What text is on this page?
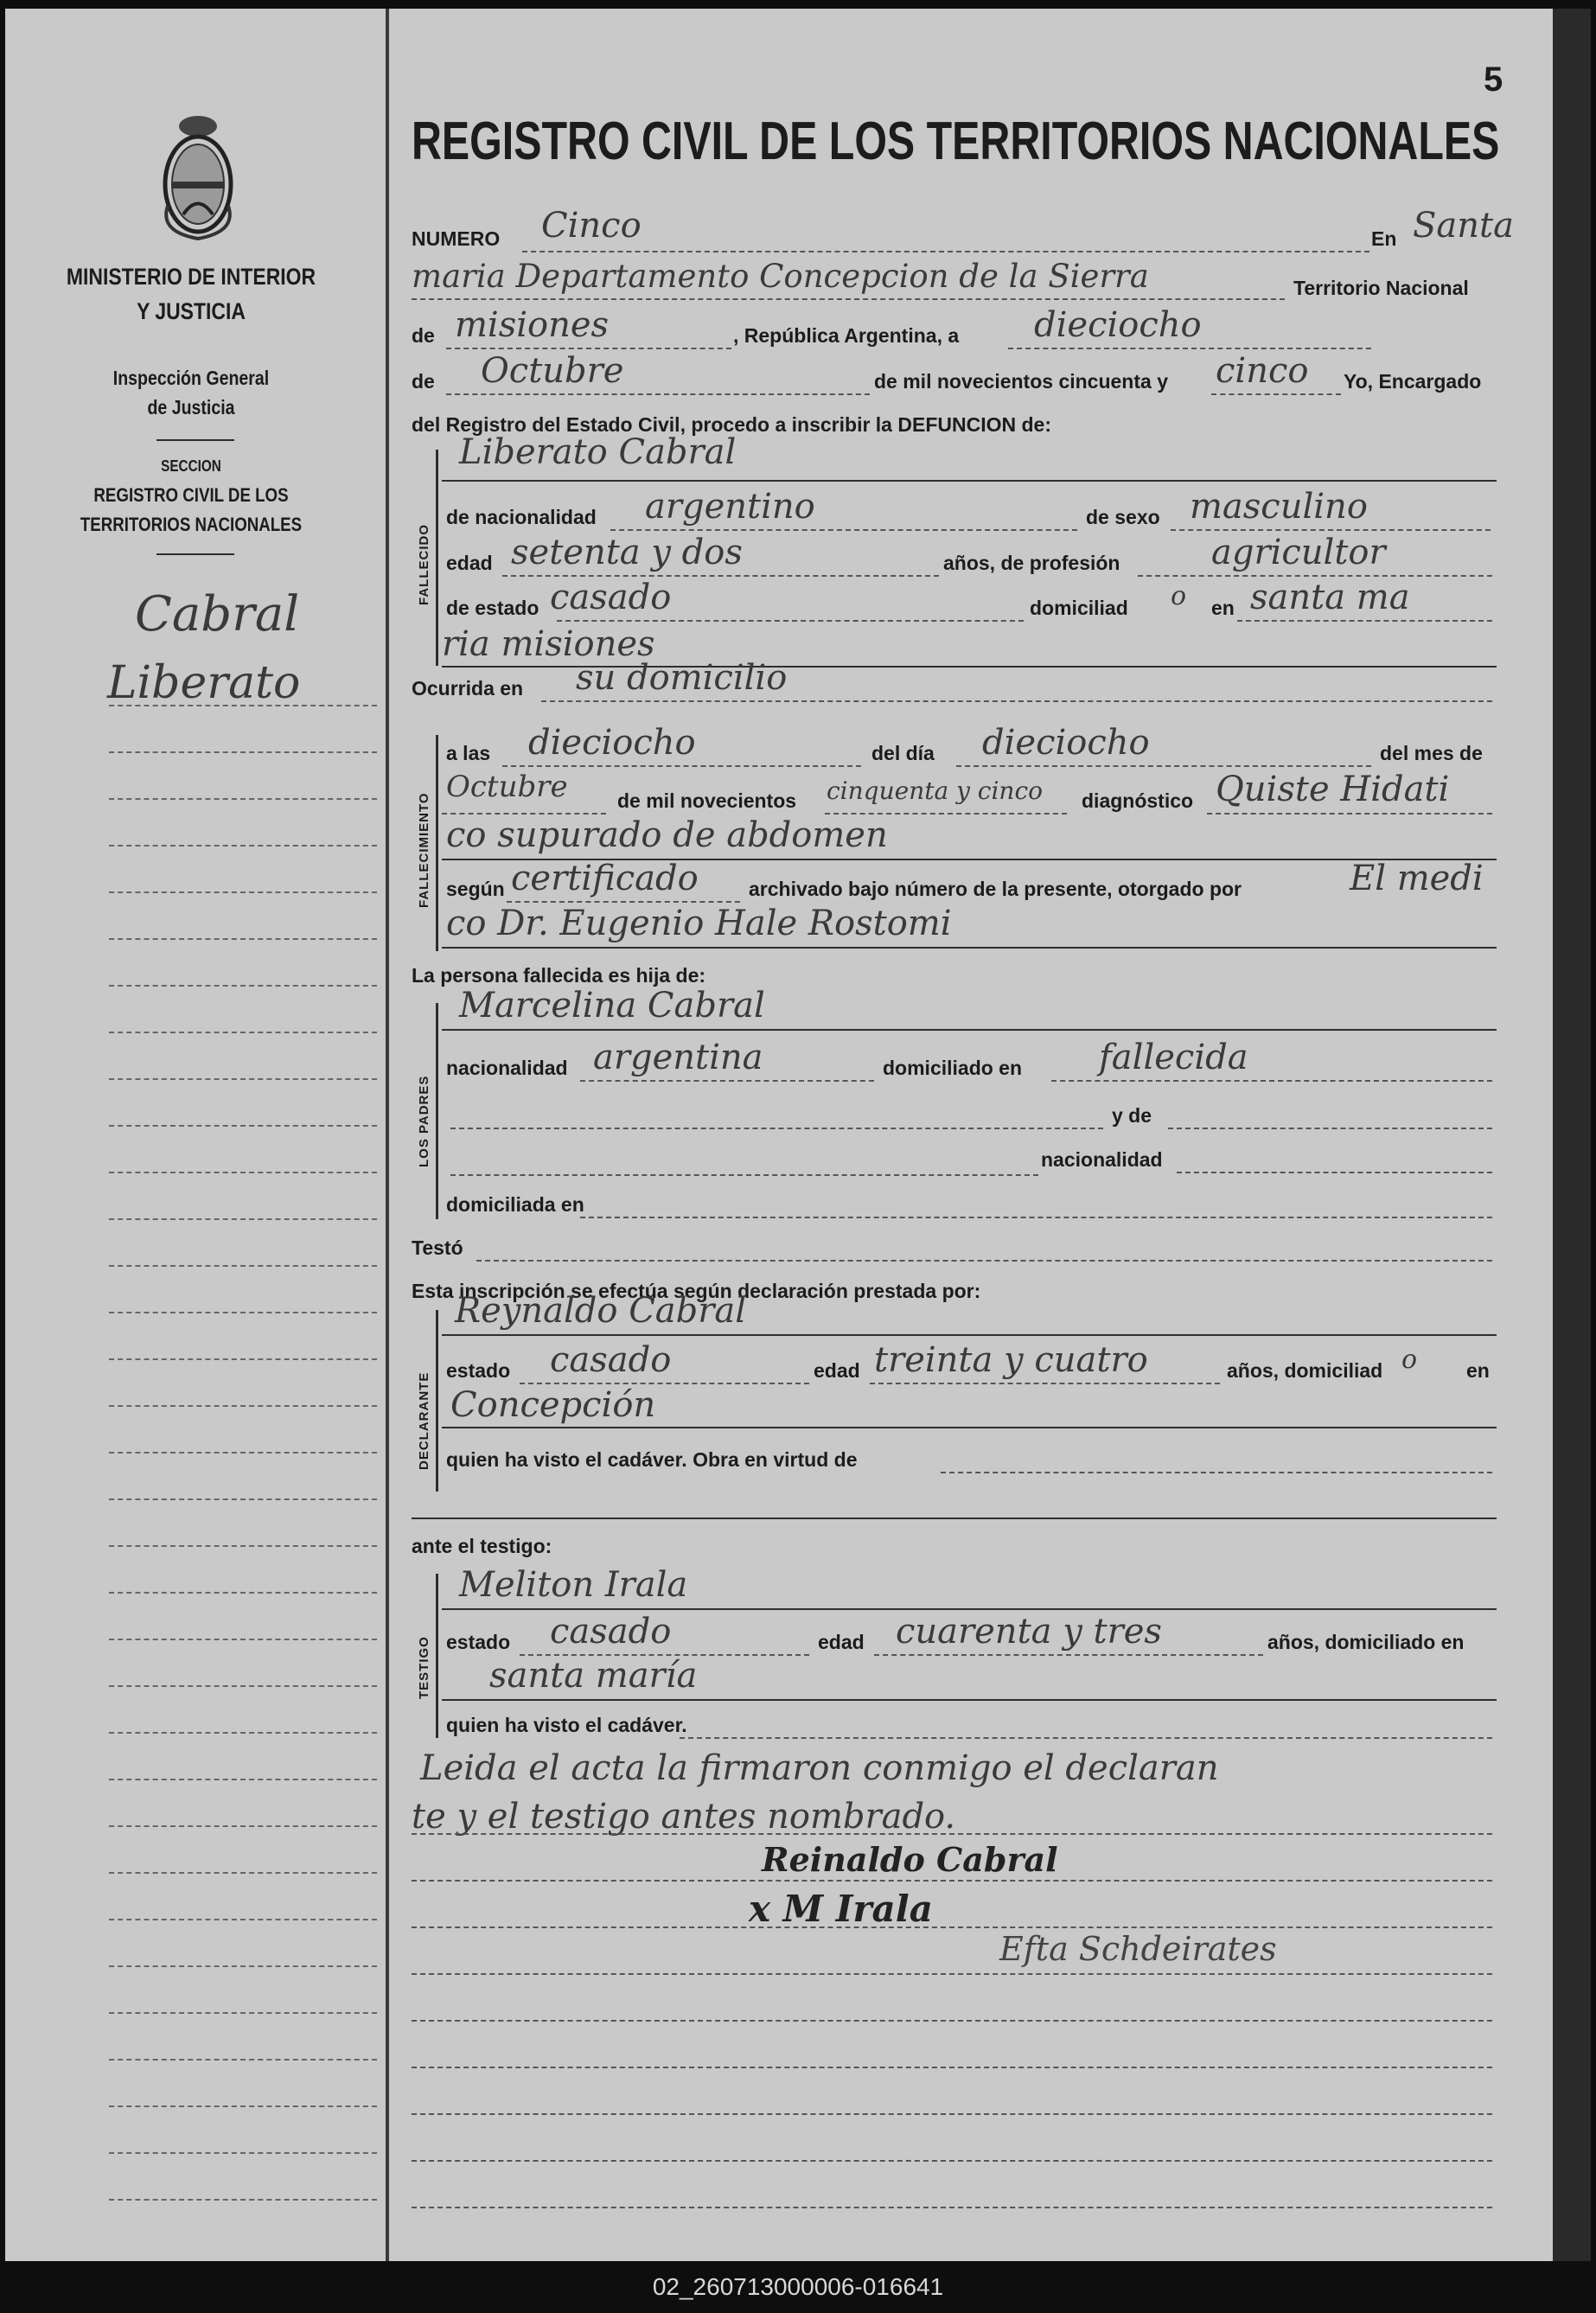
5
MINISTERIO DE INTERIOR
Y JUSTICIA
Inspección General
de Justicia
SECCION
REGISTRO CIVIL DE LOS
TERRITORIOS NACIONALES
Cabral
Liberato
REGISTRO CIVIL DE LOS TERRITORIOS NACIONALES
NUMERO Cinco	En Santa
maria Departamento Concepcion de la Sierra	Territorio Nacional
de misiones	, República Argentina, a dieciocho
de Octubre	de mil novecientos cincuenta y cinco Yo, Encargado
del Registro del Estado Civil, procedo a inscribir la DEFUNCION de:
FALLECIDO
Liberato Cabral
de nacionalidad argentino	de sexo masculino
edad setenta y dos	años, de profesión	agricultor
de estado casado	domiciliad o en santa ma
ria misiones
Ocurrida en su domicilio
FALLECIMIENTO
a las dieciocho	del día dieciocho	del mes de
Octubre de mil novecientos cinquenta y cinco diagnóstico Quiste Hidati
co supurado de abdomen
según certificado	archivado bajo número de la presente, otorgado por	El medi
co Dr. Eugenio Hale Rostomi
La persona fallecida es hija de:
LOS PADRES
Marcelina Cabral
nacionalidad argentina	domiciliado en fallecida
y de
nacionalidad
domiciliada en
Testó
Esta inscripción se efectúa según declaración prestada por:
DECLARANTE
Reynaldo Cabral
estado casado	edad treinta y cuatro	años, domiciliad o en
Concepción
quien ha visto el cadáver. Obra en virtud de
ante el testigo:
TESTIGO
Meliton Irala
estado casado	edad cuarenta y tres	años, domiciliado en
santa maría
quien ha visto el cadáver.
Leida el acta la firmaron conmigo el declaran
te y el testigo antes nombrado.
Reinaldo Cabral
x M Irala
Efta Schdeirates
02_260713000006-016641
